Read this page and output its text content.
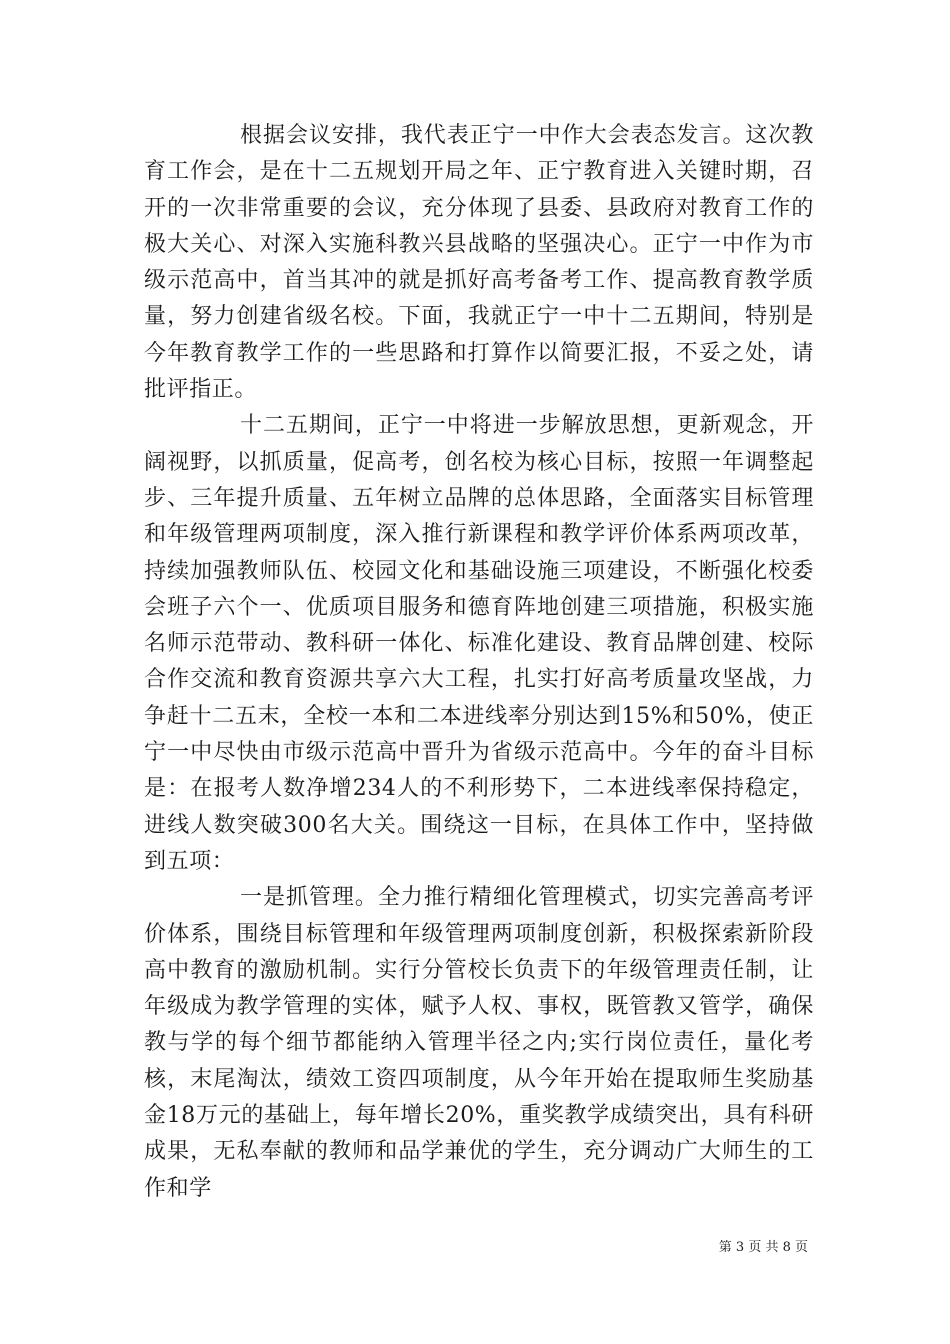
根据会议安排，我代表正宁一中作大会表态发言。这次教育工作会，是在十二五规划开局之年、正宁教育进入关键时期，召开的一次非常重要的会议，充分体现了县委、县政府对教育工作的极大关心、对深入实施科教兴县战略的坚强决心。正宁一中作为市级示范高中，首当其冲的就是抓好高考备考工作、提高教育教学质量，努力创建省级名校。下面，我就正宁一中十二五期间，特别是今年教育教学工作的一些思路和打算作以简要汇报，不妥之处，请批评指正。

十二五期间，正宁一中将进一步解放思想，更新观念，开阔视野，以抓质量，促高考，创名校为核心目标，按照一年调整起步、三年提升质量、五年树立品牌的总体思路，全面落实目标管理和年级管理两项制度，深入推行新课程和教学评价体系两项改革，持续加强教师队伍、校园文化和基础设施三项建设，不断强化校委会班子六个一、优质项目服务和德育阵地创建三项措施，积极实施名师示范带动、教科研一体化、标准化建设、教育品牌创建、校际合作交流和教育资源共享六大工程，扎实打好高考质量攻坚战，力争赶十二五末，全校一本和二本进线率分别达到15%和50%，使正宁一中尽快由市级示范高中晋升为省级示范高中。今年的奋斗目标是：在报考人数净增234人的不利形势下，二本进线率保持稳定，进线人数突破300名大关。围绕这一目标，在具体工作中，坚持做到五项：

一是抓管理。全力推行精细化管理模式，切实完善高考评价体系，围绕目标管理和年级管理两项制度创新，积极探索新阶段高中教育的激励机制。实行分管校长负责下的年级管理责任制，让年级成为教学管理的实体，赋予人权、事权，既管教又管学，确保教与学的每个细节都能纳入管理半径之内;实行岗位责任，量化考核，末尾淘汰，绩效工资四项制度，从今年开始在提取师生奖励基金18万元的基础上，每年增长20%，重奖教学成绩突出，具有科研成果，无私奉献的教师和品学兼优的学生，充分调动广大师生的工作和学

第 3 页 共 8 页
